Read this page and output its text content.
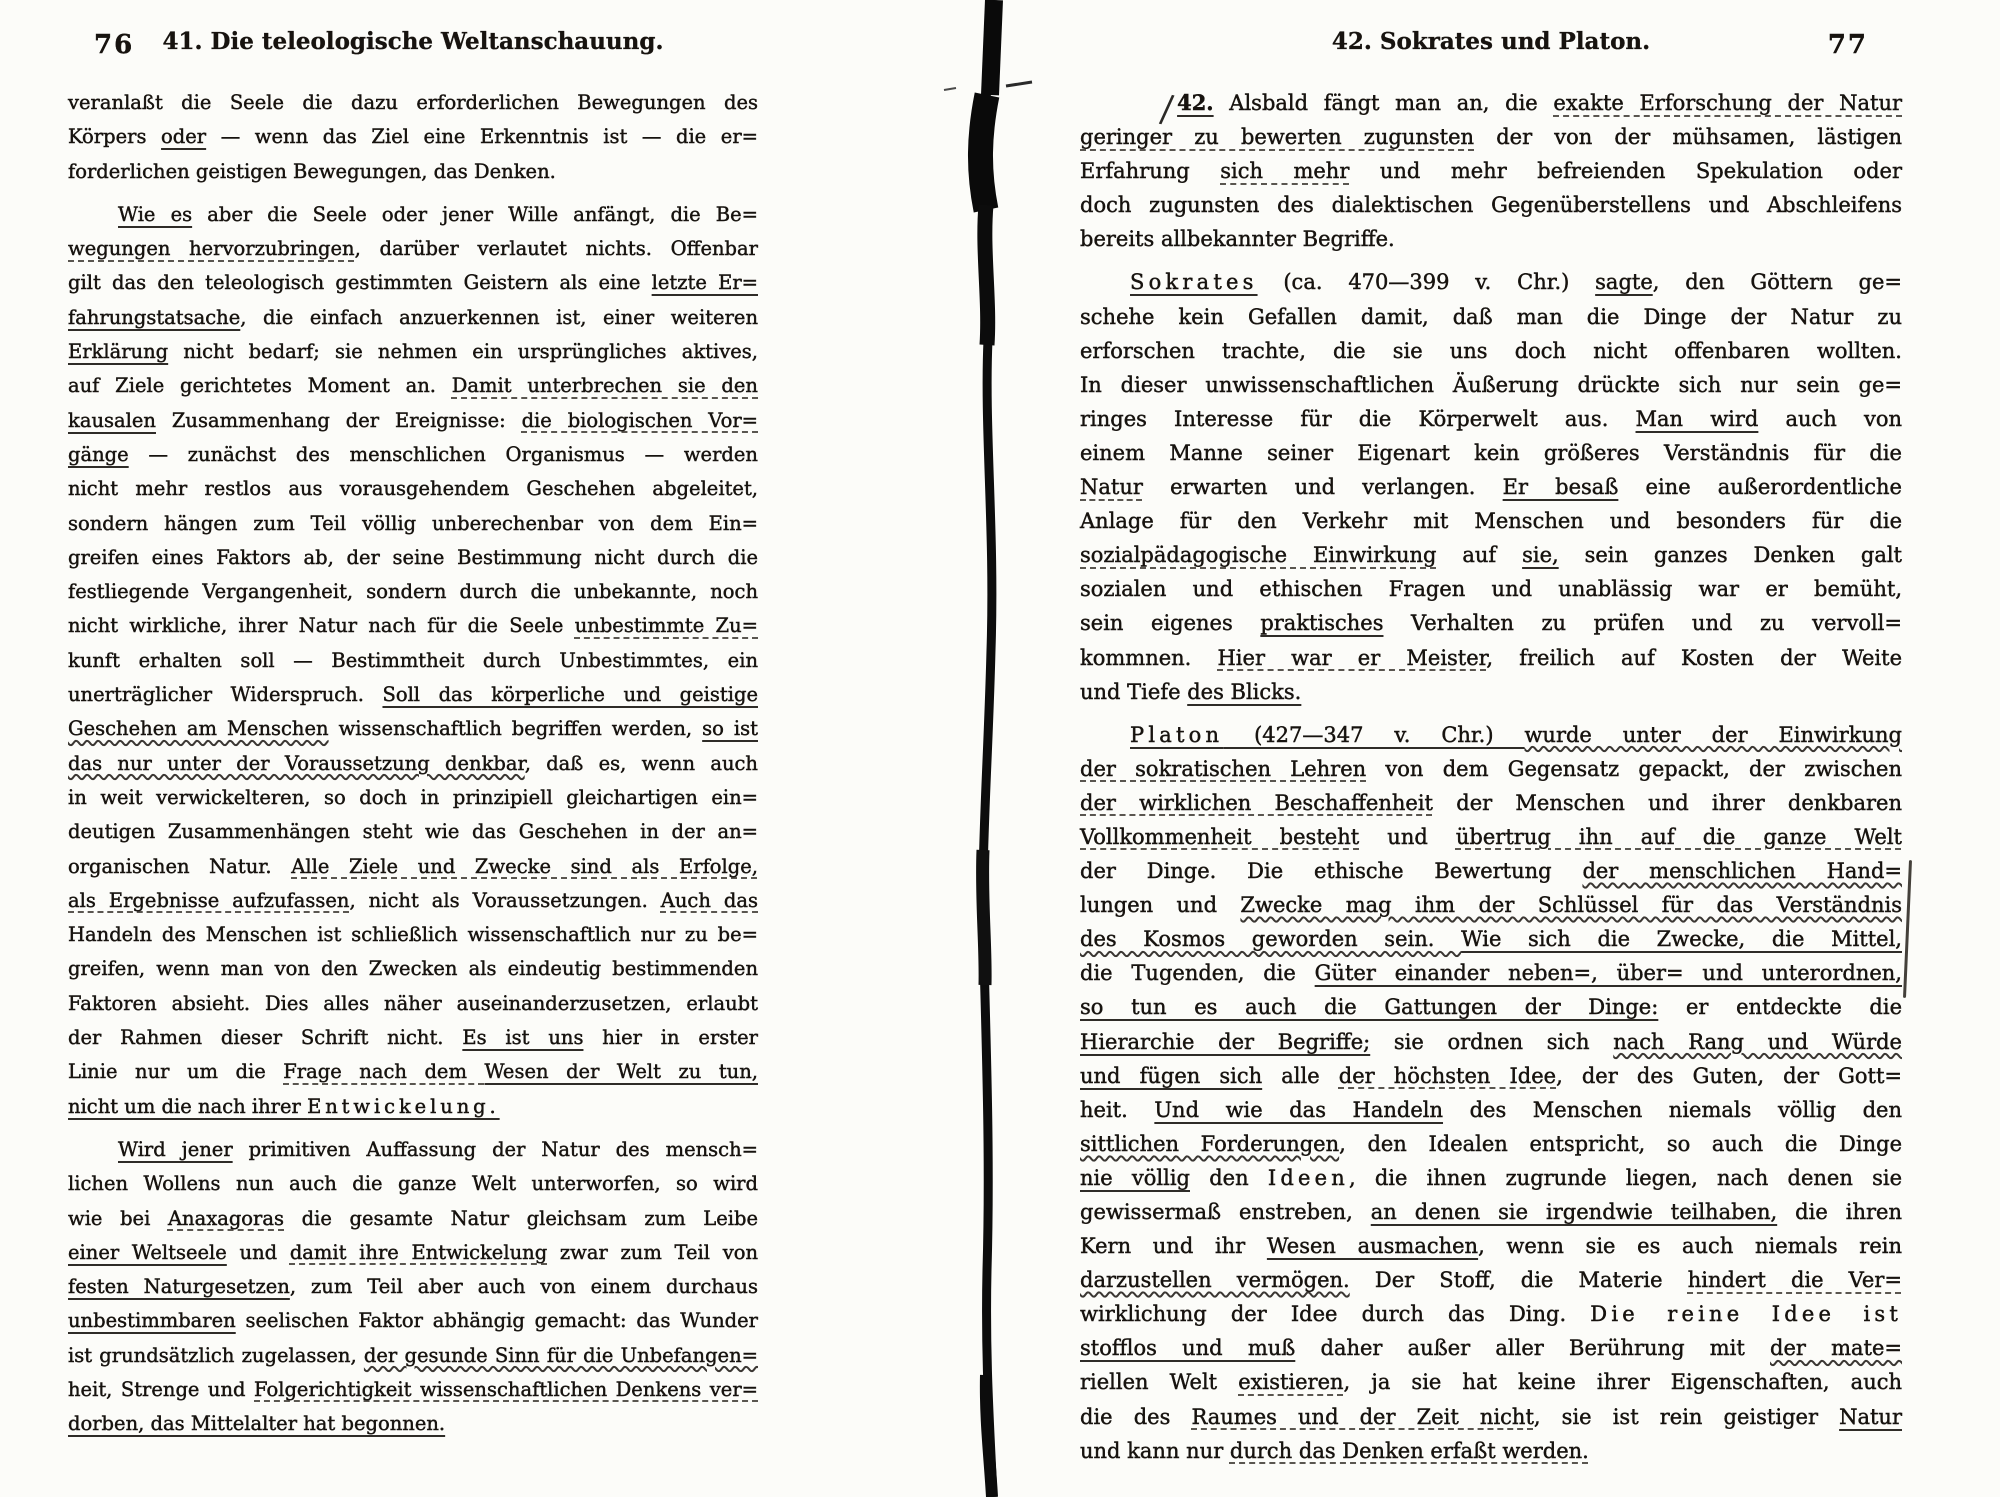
76	41. Die teleologische Weltanschauung.
veranlaßt die Seele die dazu erforderlichen Bewegungen des
Körpers oder — wenn das Ziel eine Erkenntnis ist — die er=
forderlichen geistigen Bewegungen, das Denken.
Wie es aber die Seele oder jener Wille anfängt, die Be=
wegungen hervorzubringen, darüber verlautet nichts. Offenbar
gilt das den teleologisch gestimmten Geistern als eine letzte Er=
fahrungstatsache, die einfach anzuerkennen ist, einer weiteren
Erklärung nicht bedarf; sie nehmen ein ursprüngliches aktives,
auf Ziele gerichtetes Moment an. Damit unterbrechen sie den
kausalen Zusammenhang der Ereignisse: die biologischen Vor=
gänge — zunächst des menschlichen Organismus — werden
nicht mehr restlos aus vorausgehendem Geschehen abgeleitet,
sondern hängen zum Teil völlig unberechenbar von dem Ein=
greifen eines Faktors ab, der seine Bestimmung nicht durch die
festliegende Vergangenheit, sondern durch die unbekannte, noch
nicht wirkliche, ihrer Natur nach für die Seele unbestimmte Zu=
kunft erhalten soll — Bestimmtheit durch Unbestimmtes, ein
unerträglicher Widerspruch. Soll das körperliche und geistige
Geschehen am Menschen wissenschaftlich begriffen werden, so ist
das nur unter der Voraussetzung denkbar, daß es, wenn auch
in weit verwickelteren, so doch in prinzipiell gleichartigen ein=
deutigen Zusammenhängen steht wie das Geschehen in der an=
organischen Natur. Alle Ziele und Zwecke sind als Erfolge,
als Ergebnisse aufzufassen, nicht als Voraussetzungen. Auch das
Handeln des Menschen ist schließlich wissenschaftlich nur zu be=
greifen, wenn man von den Zwecken als eindeutig bestimmenden
Faktoren absieht. Dies alles näher auseinanderzusetzen, erlaubt
der Rahmen dieser Schrift nicht. Es ist uns hier in erster
Linie nur um die Frage nach dem Wesen der Welt zu tun,
nicht um die nach ihrer Entwickelung.
Wird jener primitiven Auffassung der Natur des mensch=
lichen Wollens nun auch die ganze Welt unterworfen, so wird
wie bei Anaxagoras die gesamte Natur gleichsam zum Leibe
einer Weltseele und damit ihre Entwickelung zwar zum Teil von
festen Naturgesetzen, zum Teil aber auch von einem durchaus
unbestimmbaren seelischen Faktor abhängig gemacht: das Wunder
ist grundsätzlich zugelassen, der gesunde Sinn für die Unbefangen=
heit, Strenge und Folgerichtigkeit wissenschaftlichen Denkens ver=
dorben, das Mittelalter hat begonnen.
42. Sokrates und Platon.	77
/42. Alsbald fängt man an, die exakte Erforschung der Natur
geringer zu bewerten zugunsten der von der mühsamen, lästigen
Erfahrung sich mehr und mehr befreienden Spekulation oder
doch zugunsten des dialektischen Gegenüberstellens und Abschleifens
bereits allbekannter Begriffe.
Sokrates (ca. 470—399 v. Chr.) sagte, den Göttern ge=
schehe kein Gefallen damit, daß man die Dinge der Natur zu
erforschen trachte, die sie uns doch nicht offenbaren wollten.
In dieser unwissenschaftlichen Äußerung drückte sich nur sein ge=
ringes Interesse für die Körperwelt aus. Man wird auch von
einem Manne seiner Eigenart kein größeres Verständnis für die
Natur erwarten und verlangen. Er besaß eine außerordentliche
Anlage für den Verkehr mit Menschen und besonders für die
sozialpädagogische Einwirkung auf sie, sein ganzes Denken galt
sozialen und ethischen Fragen und unablässig war er bemüht,
sein eigenes praktisches Verhalten zu prüfen und zu vervoll=
kommnen. Hier war er Meister, freilich auf Kosten der Weite
und Tiefe des Blicks.
Platon (427—347 v. Chr.) wurde unter der Einwirkung
der sokratischen Lehren von dem Gegensatz gepackt, der zwischen
der wirklichen Beschaffenheit der Menschen und ihrer denkbaren
Vollkommenheit besteht und übertrug ihn auf die ganze Welt
der Dinge. Die ethische Bewertung der menschlichen Hand=
lungen und Zwecke mag ihm der Schlüssel für das Verständnis
des Kosmos geworden sein. Wie sich die Zwecke, die Mittel,
die Tugenden, die Güter einander neben=, über= und unterordnen,
so tun es auch die Gattungen der Dinge: er entdeckte die
Hierarchie der Begriffe; sie ordnen sich nach Rang und Würde
und fügen sich alle der höchsten Idee, der des Guten, der Gott=
heit. Und wie das Handeln des Menschen niemals völlig den
sittlichen Forderungen, den Idealen entspricht, so auch die Dinge
nie völlig den Ideen, die ihnen zugrunde liegen, nach denen sie
gewissermaß enstreben, an denen sie irgendwie teilhaben, die ihren
Kern und ihr Wesen ausmachen, wenn sie es auch niemals rein
darzustellen vermögen. Der Stoff, die Materie hindert die Ver=
wirklichung der Idee durch das Ding. Die reine Idee ist
stofflos und muß daher außer aller Berührung mit der mate=
riellen Welt existieren, ja sie hat keine ihrer Eigenschaften, auch
die des Raumes und der Zeit nicht, sie ist rein geistiger Natur
und kann nur durch das Denken erfaßt werden.
